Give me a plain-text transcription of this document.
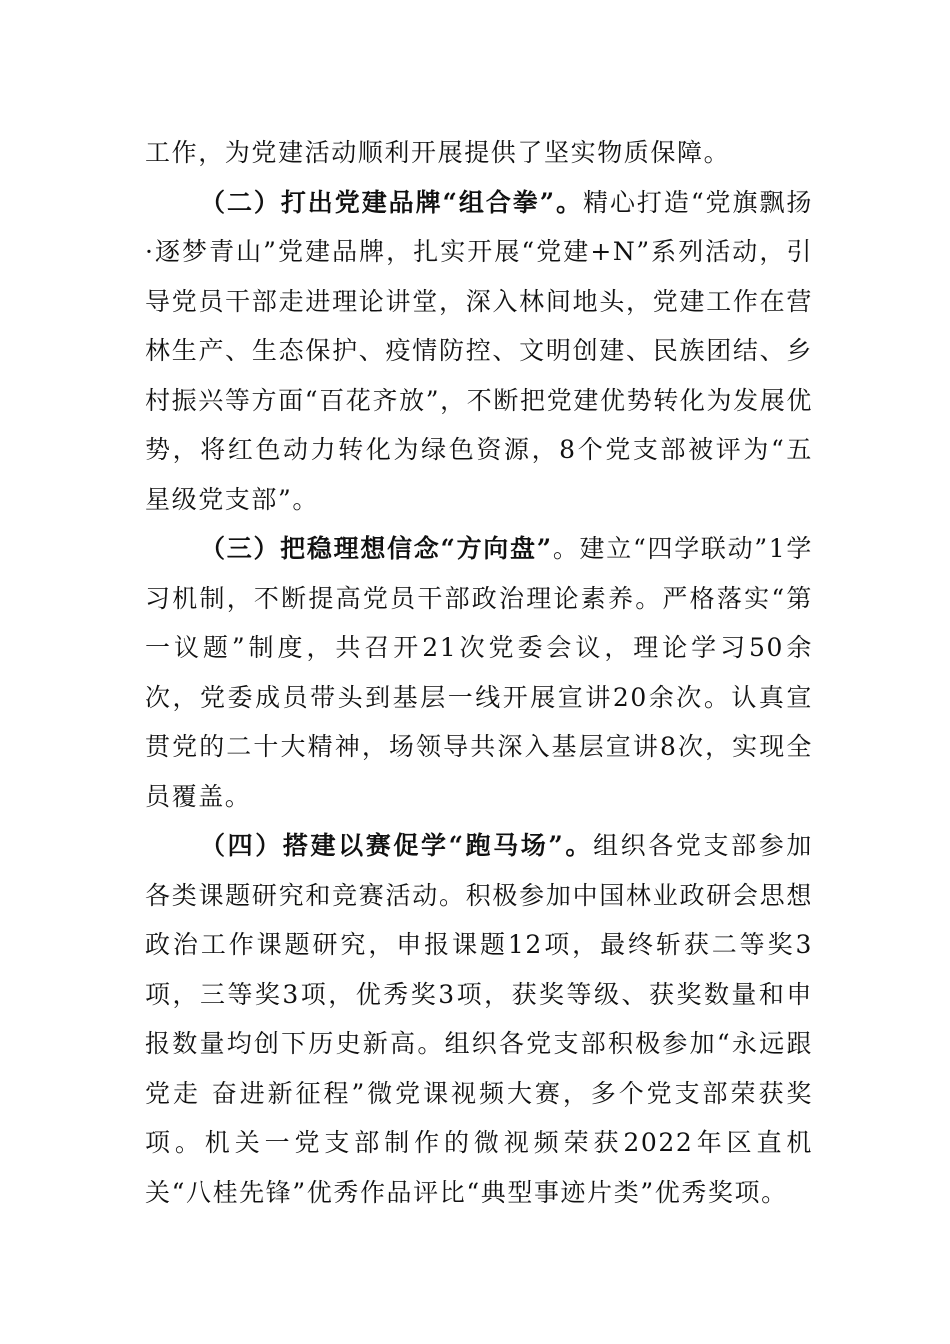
工作，为党建活动顺利开展提供了坚实物质保障。

（二）打出党建品牌“组合拳”。精心打造“党旗飘扬·逐梦青山”党建品牌，扎实开展“党建+N”系列活动，引导党员干部走进理论讲堂，深入林间地头，党建工作在营林生产、生态保护、疫情防控、文明创建、民族团结、乡村振兴等方面“百花齐放”，不断把党建优势转化为发展优势，将红色动力转化为绿色资源，8个党支部被评为“五星级党支部”。

（三）把稳理想信念“方向盘”。建立“四学联动”1学习机制，不断提高党员干部政治理论素养。严格落实“第一议题”制度，共召开21次党委会议，理论学习50余次，党委成员带头到基层一线开展宣讲20余次。认真宣贯党的二十大精神，场领导共深入基层宣讲8次，实现全员覆盖。

（四）搭建以赛促学“跑马场”。组织各党支部参加各类课题研究和竞赛活动。积极参加中国林业政研会思想政治工作课题研究，申报课题12项，最终斩获二等奖3项，三等奖3项，优秀奖3项，获奖等级、获奖数量和申报数量均创下历史新高。组织各党支部积极参加“永远跟党走 奋进新征程”微党课视频大赛，多个党支部荣获奖项。机关一党支部制作的微视频荣获2022年区直机关“八桂先锋”优秀作品评比“典型事迹片类”优秀奖项。
